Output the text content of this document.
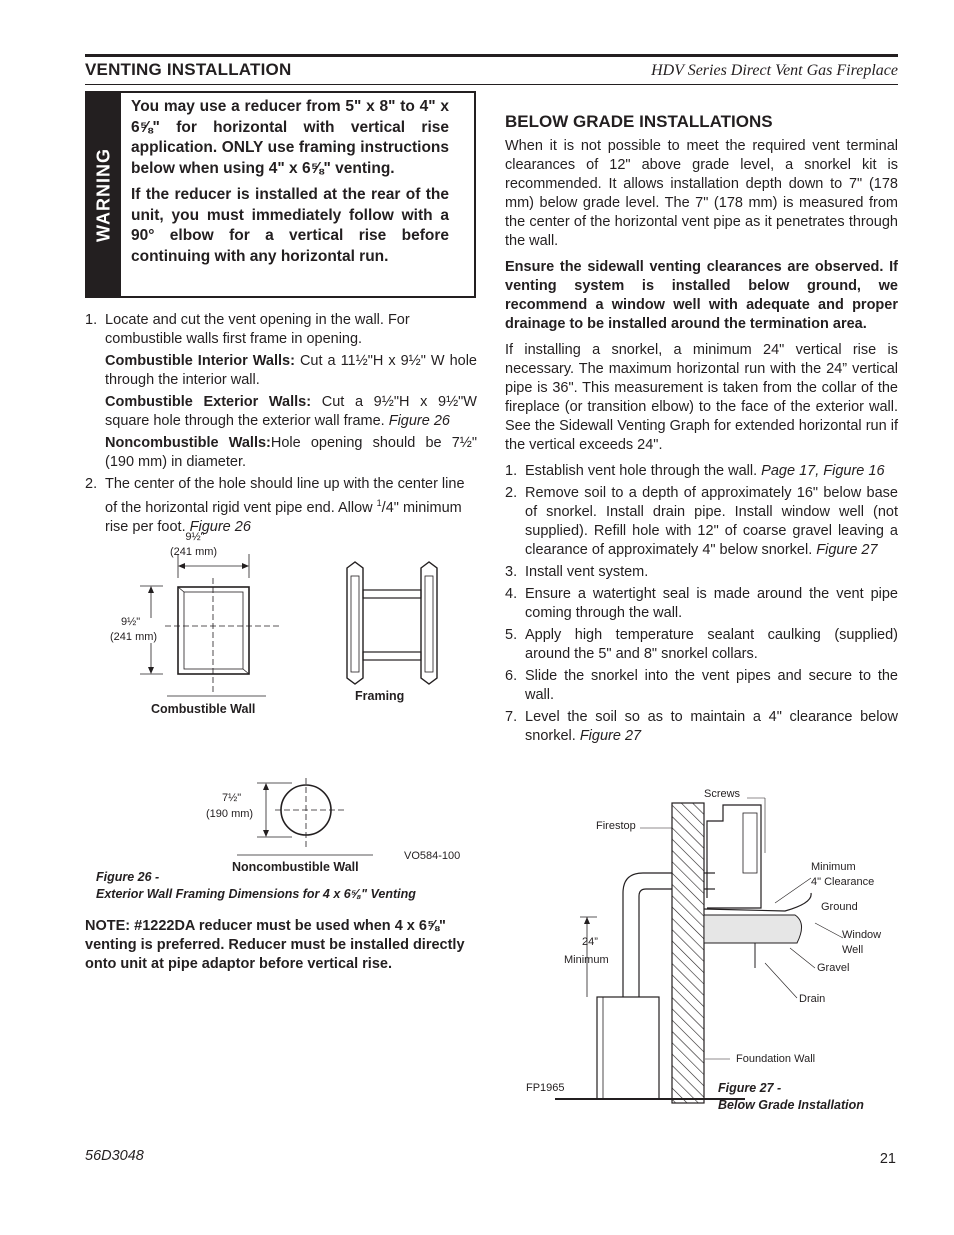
VENTING INSTALLATION	HDV Series Direct Vent Gas Fireplace
WARNING

You may use a reducer from 5" x 8" to 4" x 6⅝" for horizontal with vertical rise application. ONLY use framing instructions below when using 4" x 6⅝" venting.

If the reducer is installed at the rear of the unit, you must immediately follow with a 90° elbow for a vertical rise before continuing with any horizontal run.

1. Locate and cut the vent opening in the wall. For combustible walls first frame in opening.

Combustible Interior Walls: Cut a 11½"H x 9½" W hole through the interior wall.
Combustible Exterior Walls: Cut a 9½"H x 9½"W square hole through the exterior wall frame. Figure 26
Noncombustible Walls:Hole opening should be 7½" (190 mm) in diameter.
2. The center of the hole should line up with the center line of the horizontal rigid vent pipe end. Allow $^1$/4" minimum rise per foot. Figure 26

9½"
(241 mm)
9½"
(241 mm)
Combustible Wall
Framing
7½"
(190 mm)
Noncombustible Wall
VO584-100
Figure 26 -
Exterior Wall Framing Dimensions for 4 x 6⅝" Venting
NOTE: #1222DA reducer must be used when 4 x 6⅝" venting is preferred. Reducer must be installed directly onto unit at pipe adaptor before vertical rise.
BELOW GRADE INSTALLATIONS

When it is not possible to meet the required vent terminal clearances of 12" above grade level, a snorkel kit is recommended. It allows installation depth down to 7" (178 mm) below grade level. The 7" (178 mm) is measured from the center of the horizontal vent pipe as it penetrates through the wall.

Ensure the sidewall venting clearances are observed. If venting system is installed below ground, we recommend a window well with adequate and proper drainage to be installed around the termination area.

If installing a snorkel, a minimum 24" vertical rise is necessary. The maximum horizontal run with the 24” vertical pipe is 36". This measurement is taken from the collar of the fireplace (or transition elbow) to the face of the exterior wall. See the Sidewall Venting Graph for extended horizontal run if the vertical exceeds 24".

1. Establish vent hole through the wall. Page 17, Figure 16

2. Remove soil to a depth of approximately 16" below base of snorkel. Install drain pipe. Install window well (not supplied). Refill hole with 12" of coarse gravel leaving a clearance of approximately 4" below snorkel. Figure 27

3. Install vent system.

4. Ensure a watertight seal is made around the vent pipe coming through the wall.

5. Apply high temperature sealant caulking (supplied) around the 5" and 8" snorkel collars.

6. Slide the snorkel into the vent pipes and secure to the wall.

7. Level the soil so as to maintain a 4" clearance below snorkel. Figure 27

Screws
Firestop
Minimum
4" Clearance
Ground
Window
Well
Gravel
Drain
24”
Minimum
Foundation Wall
FP1965	Figure 27 -
Below Grade Installation
56D3048	21
